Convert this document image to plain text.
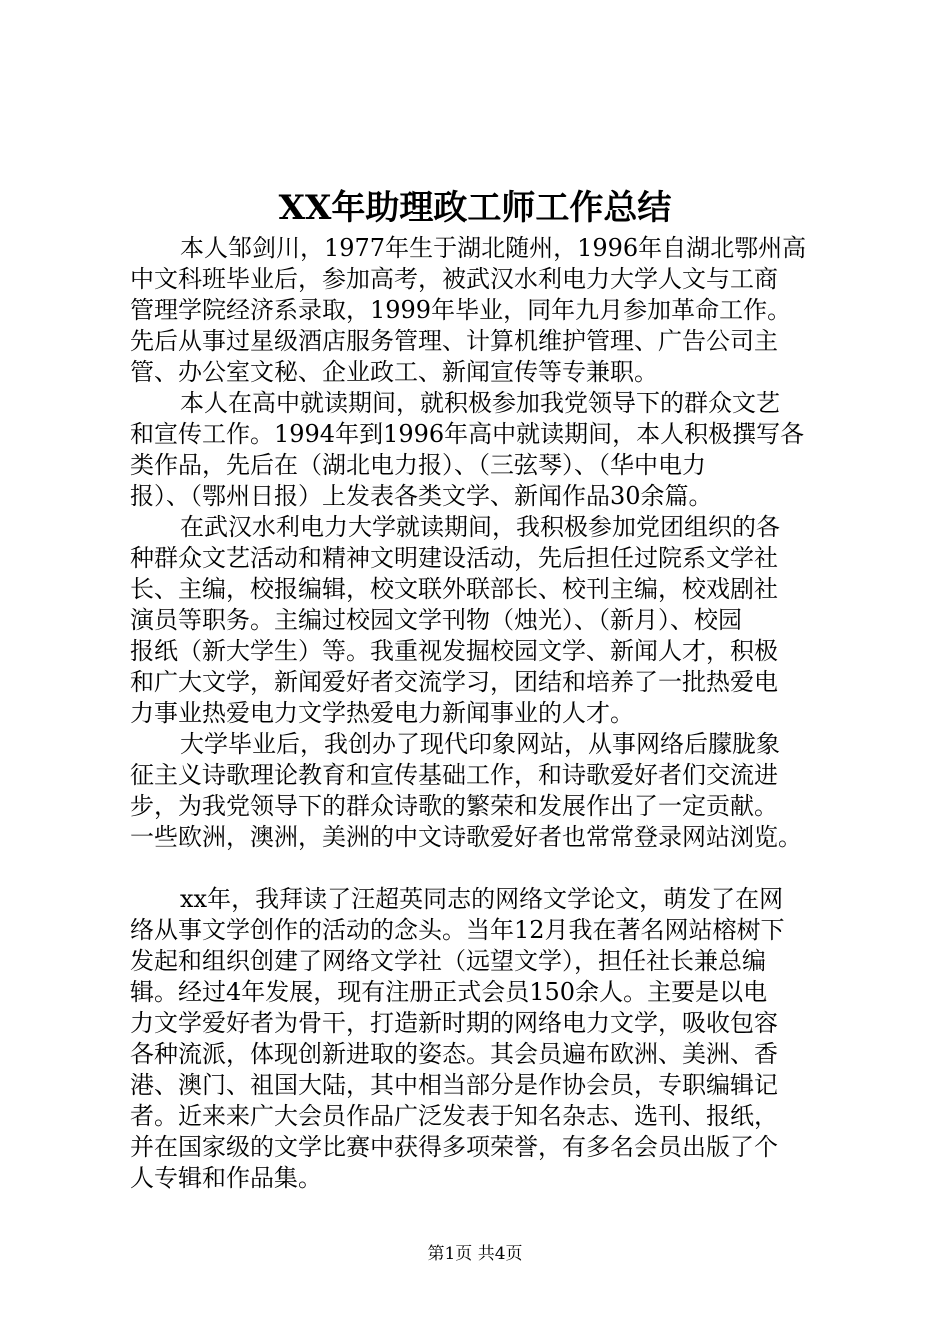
XX年助理政工师工作总结
本人邹剑川，1977年生于湖北随州，1996年自湖北鄂州高
中文科班毕业后，参加高考，被武汉水利电力大学人文与工商
管理学院经济系录取，1999年毕业，同年九月参加革命工作。
先后从事过星级酒店服务管理、计算机维护管理、广告公司主
管、办公室文秘、企业政工、新闻宣传等专兼职。
本人在高中就读期间，就积极参加我党领导下的群众文艺
和宣传工作。1994年到1996年高中就读期间，本人积极撰写各
类作品，先后在（湖北电力报）、（三弦琴）、（华中电力
报）、（鄂州日报）上发表各类文学、新闻作品30余篇。
在武汉水利电力大学就读期间，我积极参加党团组织的各
种群众文艺活动和精神文明建设活动，先后担任过院系文学社
长、主编，校报编辑，校文联外联部长、校刊主编，校戏剧社
演员等职务。主编过校园文学刊物（烛光）、（新月）、校园
报纸（新大学生）等。我重视发掘校园文学、新闻人才，积极
和广大文学，新闻爱好者交流学习，团结和培养了一批热爱电
力事业热爱电力文学热爱电力新闻事业的人才。
大学毕业后，我创办了现代印象网站，从事网络后朦胧象
征主义诗歌理论教育和宣传基础工作，和诗歌爱好者们交流进
步，为我党领导下的群众诗歌的繁荣和发展作出了一定贡献。
一些欧洲，澳洲，美洲的中文诗歌爱好者也常常登录网站浏览。
xx年，我拜读了汪超英同志的网络文学论文，萌发了在网
络从事文学创作的活动的念头。当年12月我在著名网站榕树下
发起和组织创建了网络文学社（远望文学），担任社长兼总编
辑。经过4年发展，现有注册正式会员150余人。主要是以电
力文学爱好者为骨干，打造新时期的网络电力文学，吸收包容
各种流派，体现创新进取的姿态。其会员遍布欧洲、美洲、香
港、澳门、祖国大陆，其中相当部分是作协会员，专职编辑记
者。近来来广大会员作品广泛发表于知名杂志、选刊、报纸，
并在国家级的文学比赛中获得多项荣誉，有多名会员出版了个
人专辑和作品集。
第1页 共4页
